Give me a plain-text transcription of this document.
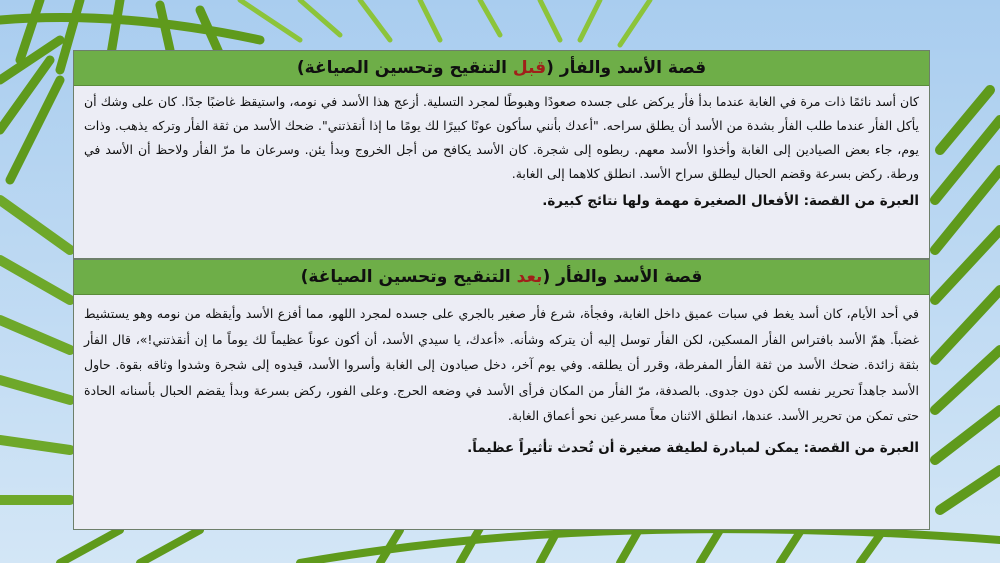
قصة الأسد والفأر (قبل التنقيح وتحسين الصياغة)

كان أسد نائمًا ذات مرة في الغابة عندما بدأ فأر يركض على جسده صعودًا وهبوطًا لمجرد التسلية. أزعج هذا الأسد في نومه، واستيقظ غاضبًا جدًا. كان على وشك أن يأكل الفأر عندما طلب الفأر بشدة من الأسد أن يطلق سراحه. "أعدك بأنني سأكون عونًا كبيرًا لك يومًا ما إذا أنقذتني". ضحك الأسد من ثقة الفأر وتركه يذهب. وذات يوم، جاء بعض الصيادين إلى الغابة وأخذوا الأسد معهم. ربطوه إلى شجرة. كان الأسد يكافح من أجل الخروج وبدأ يئن. وسرعان ما مرّ الفأر ولاحظ أن الأسد في ورطة. ركض بسرعة وقضم الحبال ليطلق سراح الأسد. انطلق كلاهما إلى الغابة.

العبرة من القصة: الأفعال الصغيرة مهمة ولها نتائج كبيرة.

قصة الأسد والفأر (بعد التنقيح وتحسين الصياغة)

في أحد الأيام، كان أسد يغط في سبات عميق داخل الغابة، وفجأة، شرع فأر صغير بالجري على جسده لمجرد اللهو، مما أفزع الأسد وأيقظه من نومه وهو يستشيط غضباً. همّ الأسد بافتراس الفأر المسكين، لكن الفأر توسل إليه أن يتركه وشأنه. «أعدك، يا سيدي الأسد، أن أكون عوناً عظيماً لك يوماً ما إن أنقذتني!»، قال الفأر بثقة زائدة. ضحك الأسد من ثقة الفأر المفرطة، وقرر أن يطلقه. وفي يوم آخر، دخل صيادون إلى الغابة وأسروا الأسد، قيدوه إلى شجرة وشدوا وثاقه بقوة. حاول الأسد جاهداً تحرير نفسه لكن دون جدوى. بالصدفة، مرّ الفأر من المكان فرأى الأسد في وضعه الحرج. وعلى الفور، ركض بسرعة وبدأ يقضم الحبال بأسنانه الحادة حتى تمكن من تحرير الأسد. عندها، انطلق الاثنان معاً مسرعين نحو أعماق الغابة.

العبرة من القصة: يمكن لمبادرة لطيفة صغيرة أن تُحدث تأثيراً عظيماً.
